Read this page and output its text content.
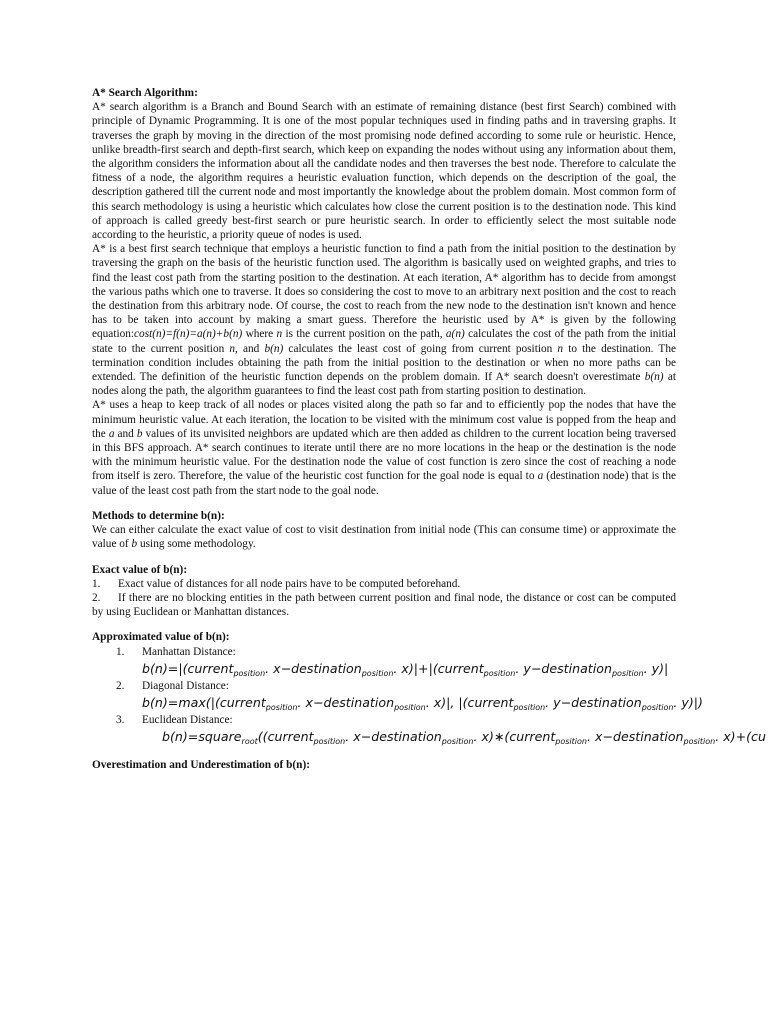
A* Search Algorithm:

A* search algorithm is a Branch and Bound Search with an estimate of remaining distance (best first Search) combined with principle of Dynamic Programming. It is one of the most popular techniques used in finding paths and in traversing graphs. It traverses the graph by moving in the direction of the most promising node defined according to some rule or heuristic. Hence, unlike breadth-first search and depth-first search, which keep on expanding the nodes without using any information about them, the algorithm considers the information about all the candidate nodes and then traverses the best node. Therefore to calculate the fitness of a node, the algorithm requires a heuristic evaluation function, which depends on the description of the goal, the description gathered till the current node and most importantly the knowledge about the problem domain. Most common form of this search methodology is using a heuristic which calculates how close the current position is to the destination node. This kind of approach is called greedy best-first search or pure heuristic search. In order to efficiently select the most suitable node according to the heuristic, a priority queue of nodes is used.

A* is a best first search technique that employs a heuristic function to find a path from the initial position to the destination by traversing the graph on the basis of the heuristic function used. The algorithm is basically used on weighted graphs, and tries to find the least cost path from the starting position to the destination. At each iteration, A* algorithm has to decide from amongst the various paths which one to traverse. It does so considering the cost to move to an arbitrary next position and the cost to reach the destination from this arbitrary node. Of course, the cost to reach from the new node to the destination isn't known and hence has to be taken into account by making a smart guess. Therefore the heuristic used by A* is given by the following equation:cost(n)=f(n)=a(n)+b(n) where n is the current position on the path, a(n) calculates the cost of the path from the initial state to the current position n, and b(n) calculates the least cost of going from current position n to the destination. The termination condition includes obtaining the path from the initial position to the destination or when no more paths can be extended. The definition of the heuristic function depends on the problem domain. If A* search doesn't overestimate b(n) at nodes along the path, the algorithm guarantees to find the least cost path from starting position to destination.

A* uses a heap to keep track of all nodes or places visited along the path so far and to efficiently pop the nodes that have the minimum heuristic value. At each iteration, the location to be visited with the minimum cost value is popped from the heap and the a and b values of its unvisited neighbors are updated which are then added as children to the current location being traversed in this BFS approach. A* search continues to iterate until there are no more locations in the heap or the destination is the node with the minimum heuristic value. For the destination node the value of cost function is zero since the cost of reaching a node from itself is zero. Therefore, the value of the heuristic cost function for the goal node is equal to a (destination node) that is the value of the least cost path from the start node to the goal node.

Methods to determine b(n):

We can either calculate the exact value of cost to visit destination from initial node (This can consume time) or approximate the value of b using some methodology.

Exact value of b(n):

1. Exact value of distances for all node pairs have to be computed beforehand.

2. If there are no blocking entities in the path between current position and final node, the distance or cost can be computed by using Euclidean or Manhattan distances.

Approximated value of b(n):
1. Manhattan Distance:
b(n)=|(current$_{position}$. x−destination$_{position}$. x)|+|(current$_{position}$. y−destination$_{position}$. y)|
2. Diagonal Distance:
b(n)=max(|(current$_{position}$. x−destination$_{position}$. x)|, |(current$_{position}$. y−destination$_{position}$. y)|)
3. Euclidean Distance:
b(n)=square$_{root}$((current$_{position}$. x−destination$_{position}$. x)∗(current$_{position}$. x−destination$_{position}$. x)+(cu
Overestimation and Underestimation of b(n):
